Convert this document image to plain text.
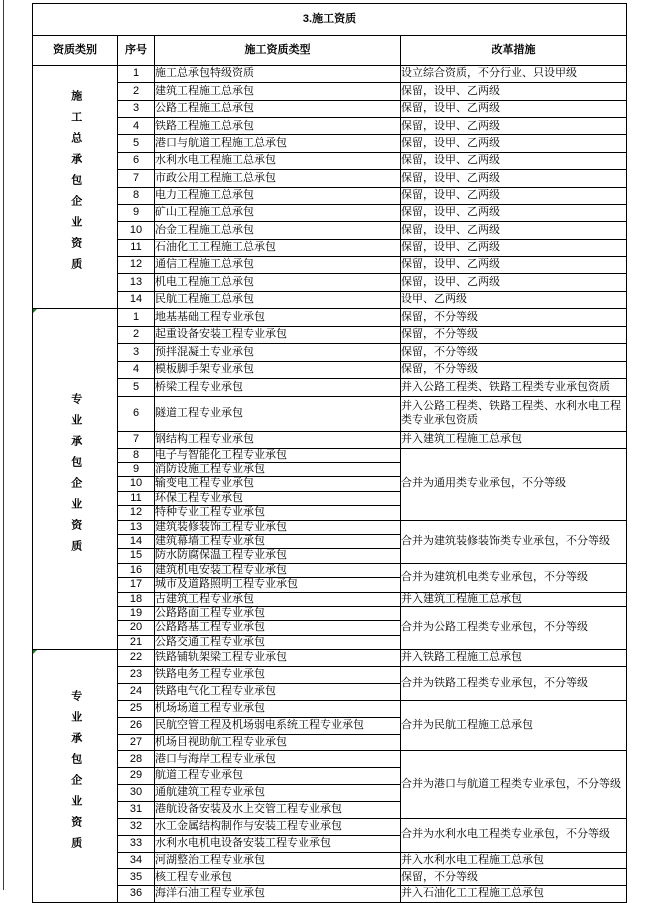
3.施工资质			
资质类别	序号	施工资质类型	改革措施
施工总承包企业资质	1	施工总承包特级资质	设立综合资质，不分行业、只设甲级
	2	建筑工程施工总承包	保留，设甲、乙两级
	3	公路工程施工总承包	保留，设甲、乙两级
	4	铁路工程施工总承包	保留，设甲、乙两级
	5	港口与航道工程施工总承包	保留，设甲、乙两级
	6	水利水电工程施工总承包	保留，设甲、乙两级
	7	市政公用工程施工总承包	保留，设甲、乙两级
	8	电力工程施工总承包	保留，设甲、乙两级
	9	矿山工程施工总承包	保留，设甲、乙两级
	10	冶金工程施工总承包	保留，设甲、乙两级
	11	石油化工工程施工总承包	保留，设甲、乙两级
	12	通信工程施工总承包	保留，设甲、乙两级
	13	机电工程施工总承包	保留，设甲、乙两级
	14	民航工程施工总承包	设甲、乙两级

专业承包企业资质	1	地基基础工程专业承包	保留，不分等级
	2	起重设备安装工程专业承包	保留，不分等级
	3	预拌混凝土专业承包	保留，不分等级
	4	模板脚手架专业承包	保留，不分等级
	5	桥梁工程专业承包	并入公路工程类、铁路工程类专业承包资质
	6	隧道工程专业承包	并入公路工程类、铁路工程类、水利水电工程类专业承包资质
	7	钢结构工程专业承包	并入建筑工程施工总承包
	8	电子与智能化工程专业承包	合并为通用类专业承包，不分等级
	9	消防设施工程专业承包	
	10	输变电工程专业承包	
	11	环保工程专业承包	
	12	特种专业工程专业承包	
	13	建筑装修装饰工程专业承包	合并为建筑装修装饰类专业承包，不分等级
	14	建筑幕墙工程专业承包	
	15	防水防腐保温工程专业承包	
	16	建筑机电安装工程专业承包	合并为建筑机电类专业承包，不分等级
	17	城市及道路照明工程专业承包	
	18	古建筑工程专业承包	并入建筑工程施工总承包
	19	公路路面工程专业承包	合并为公路工程类专业承包，不分等级
	20	公路路基工程专业承包	
	21	公路交通工程专业承包	

专业承包企业资质	22	铁路铺轨架梁工程专业承包	并入铁路工程施工总承包
	23	铁路电务工程专业承包	合并为铁路工程类专业承包，不分等级
	24	铁路电气化工程专业承包	
	25	机场场道工程专业承包	合并为民航工程施工总承包
	26	民航空管工程及机场弱电系统工程专业承包	
	27	机场目视助航工程专业承包	
	28	港口与海岸工程专业承包	合并为港口与航道工程类专业承包，不分等级
	29	航道工程专业承包	
	30	通航建筑工程专业承包	
	31	港航设备安装及水上交管工程专业承包	
	32	水工金属结构制作与安装工程专业承包	合并为水利水电工程类专业承包，不分等级
	33	水利水电机电设备安装工程专业承包	
	34	河湖整治工程专业承包	并入水利水电工程施工总承包
	35	核工程专业承包	保留，不分等级
	36	海洋石油工程专业承包	并入石油化工工程施工总承包
